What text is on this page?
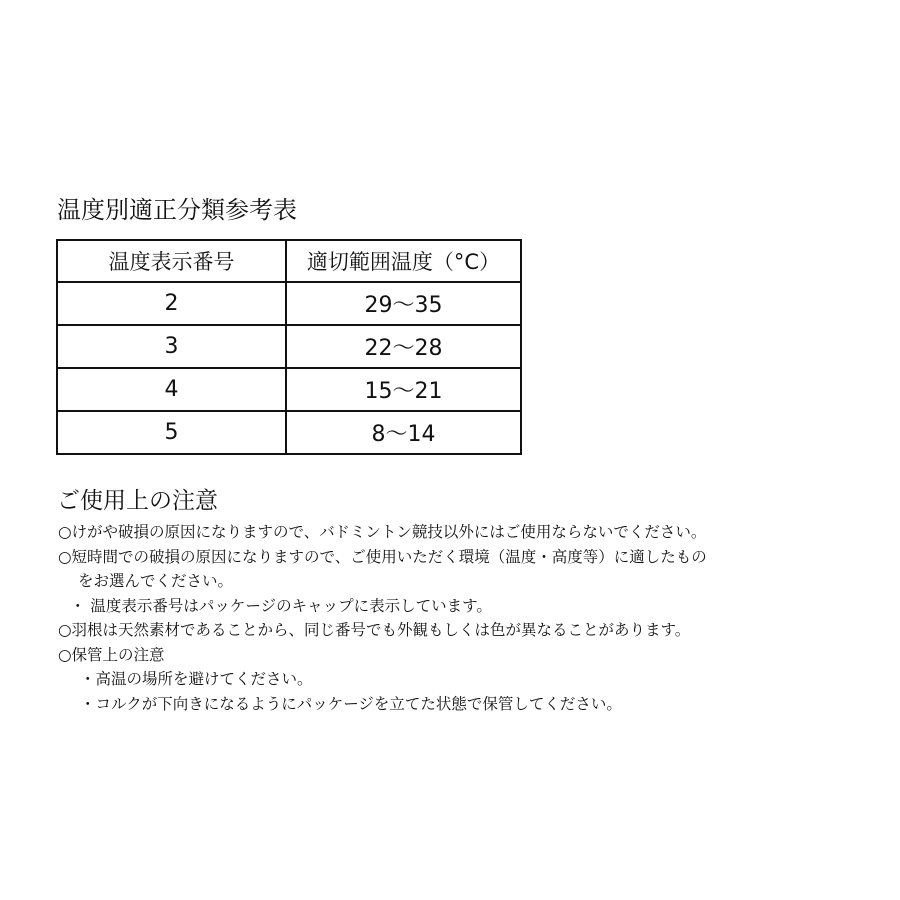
温度別適正分類参考表
温度表示番号	適切範囲温度（°C）
2	29～35
3	22～28
4	15～21
5	8～14
ご使用上の注意
○けがや破損の原因になりますので、バドミントン競技以外にはご使用ならないでください。
○短時間での破損の原因になりますので、ご使用いただく環境（温度・高度等）に適したもの
をお選んでください。
・ 温度表示番号はパッケージのキャップに表示しています。
○羽根は天然素材であることから、同じ番号でも外観もしくは色が異なることがあります。
○保管上の注意
・高温の場所を避けてください。
・コルクが下向きになるようにパッケージを立てた状態で保管してください。
